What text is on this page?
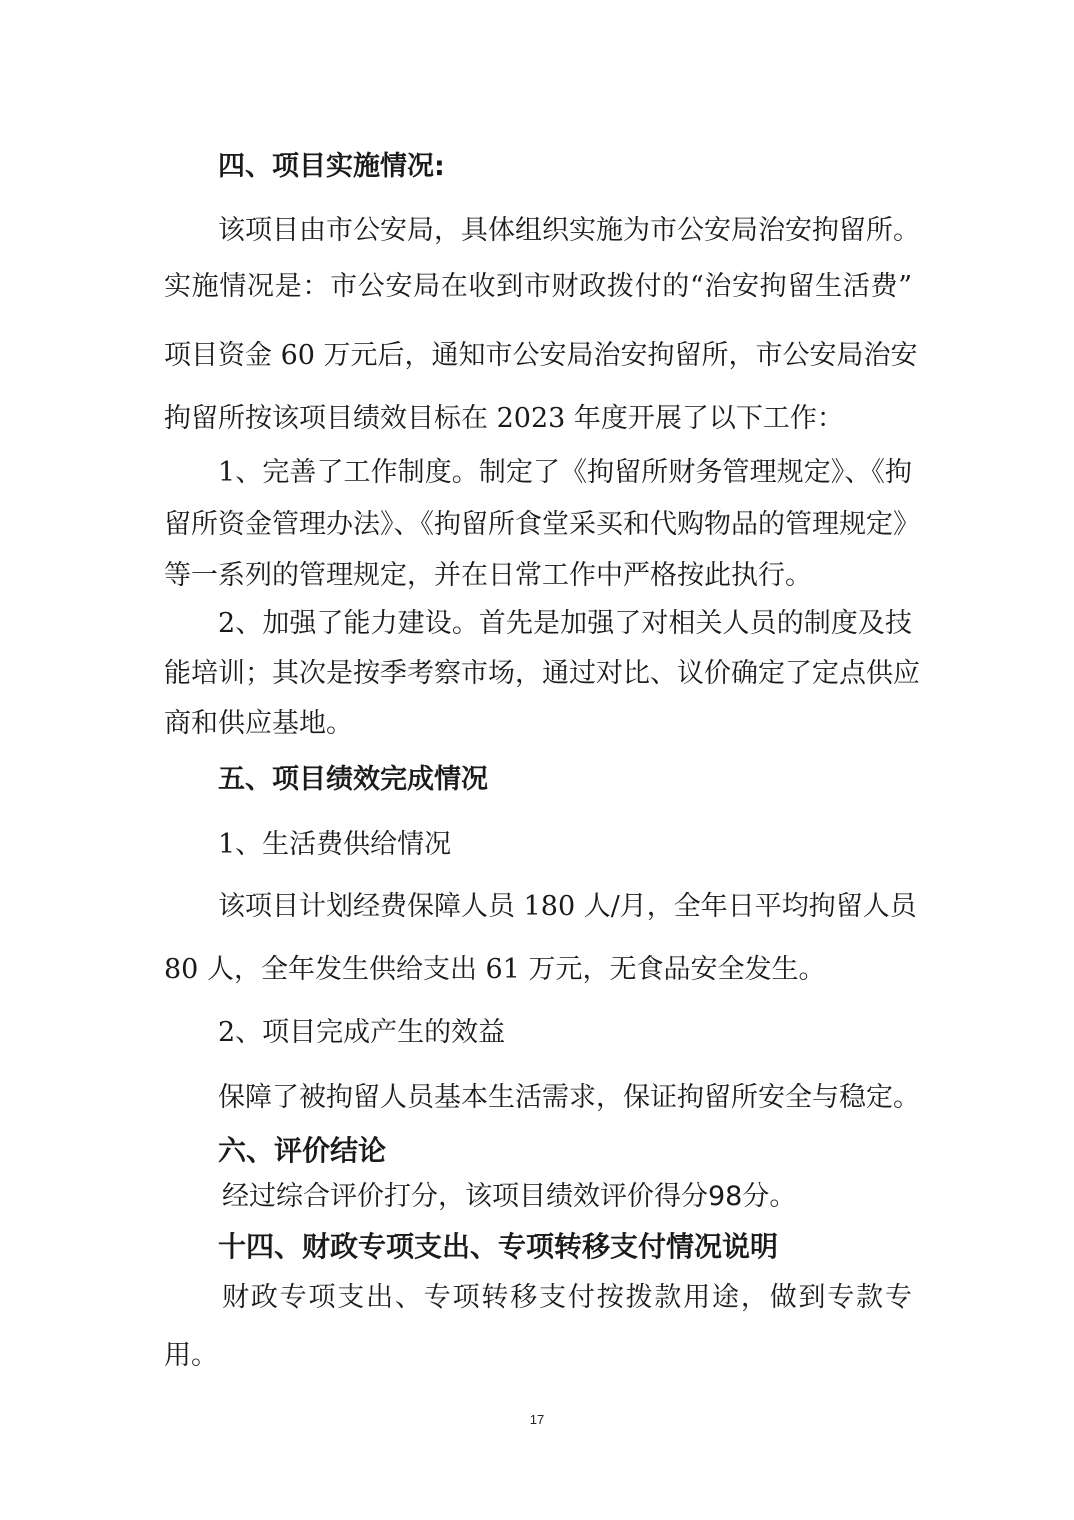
四、项目实施情况:
该项目由市公安局，具体组织实施为市公安局治安拘留所。
实施情况是：市公安局在收到市财政拨付的“治安拘留生活费”
项目资金 60 万元后，通知市公安局治安拘留所，市公安局治安
拘留所按该项目绩效目标在 2023 年度开展了以下工作：
1、完善了工作制度。制定了《拘留所财务管理规定》、《拘
留所资金管理办法》、《拘留所食堂采买和代购物品的管理规定》
等一系列的管理规定，并在日常工作中严格按此执行。
2、加强了能力建设。首先是加强了对相关人员的制度及技
能培训；其次是按季考察市场，通过对比、议价确定了定点供应
商和供应基地。
五、项目绩效完成情况
1、生活费供给情况
该项目计划经费保障人员 180 人/月，全年日平均拘留人员
80 人，全年发生供给支出 61 万元，无食品安全发生。
2、项目完成产生的效益
保障了被拘留人员基本生活需求，保证拘留所安全与稳定。
六、评价结论
经过综合评价打分，该项目绩效评价得分98分。
十四、财政专项支出、专项转移支付情况说明
财政专项支出、专项转移支付按拨款用途，做到专款专
用。
17
